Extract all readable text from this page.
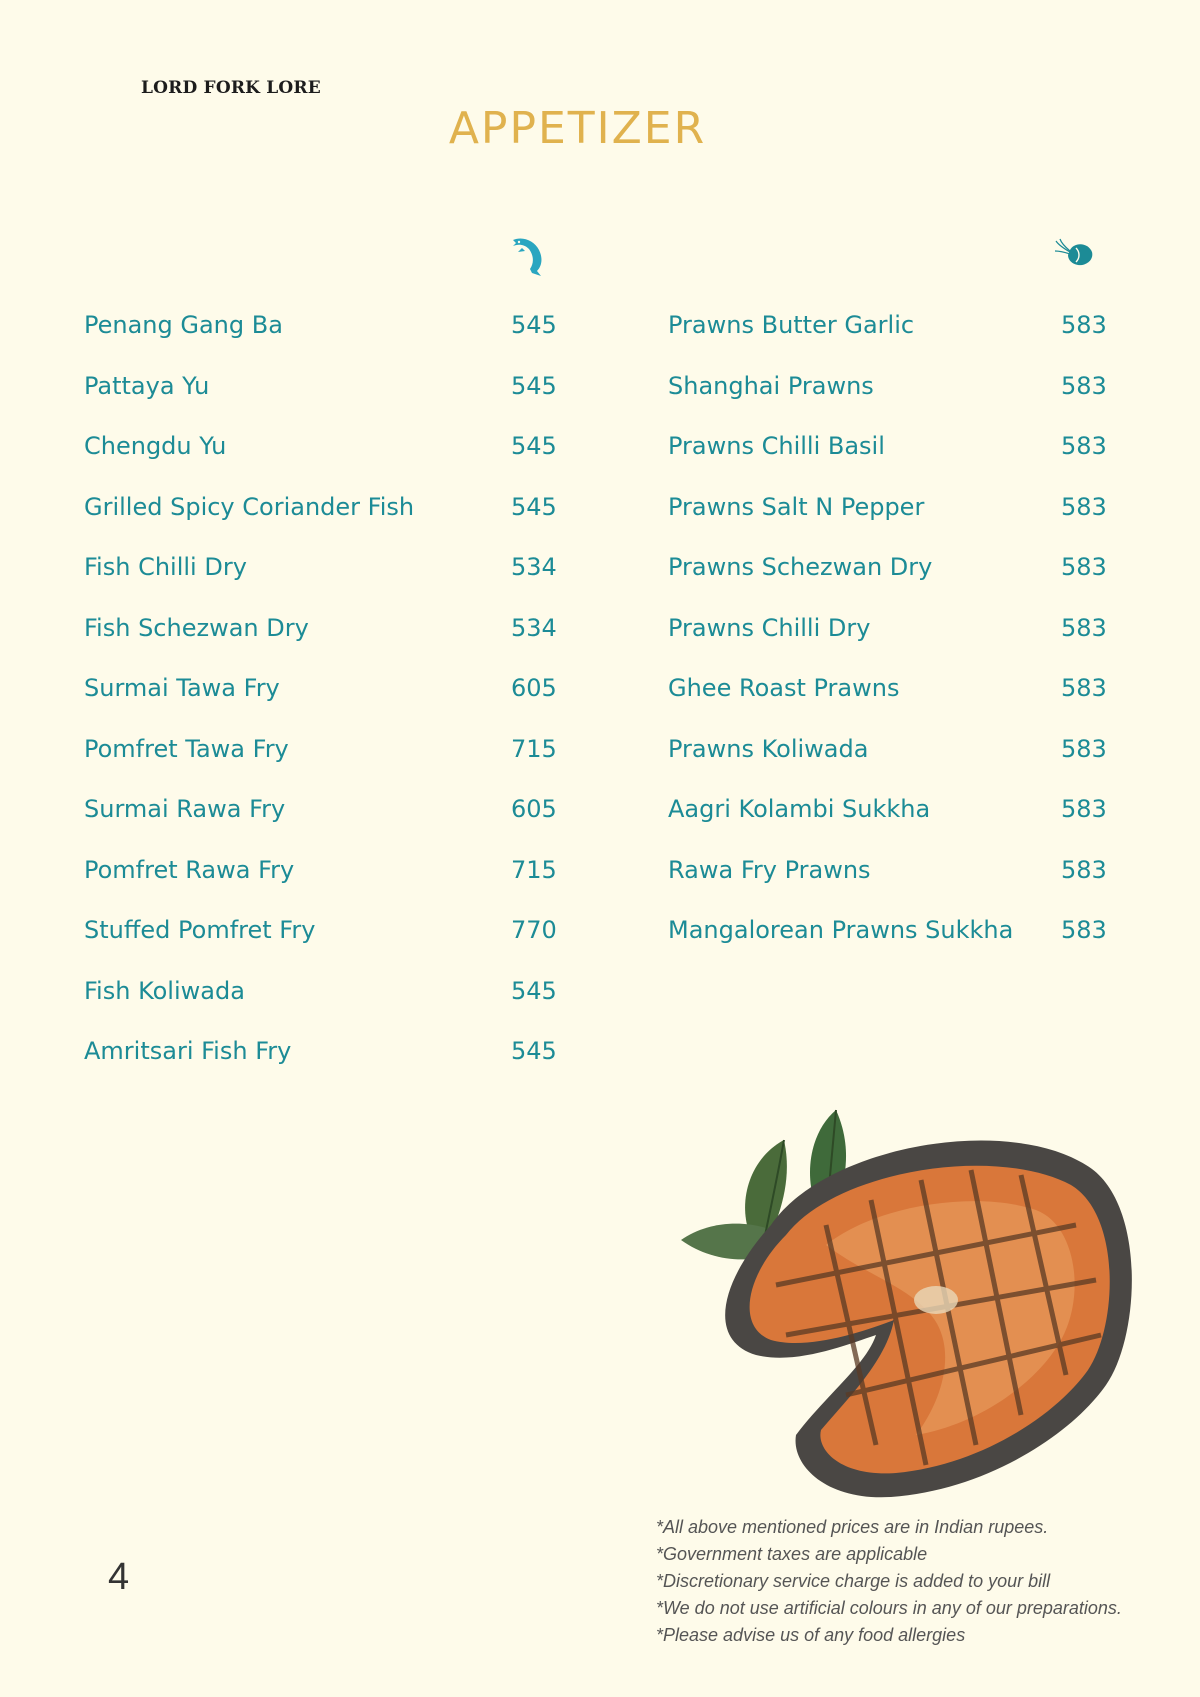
LORD FORK LORE
APPETIZER
Penang Gang Ba	545
Pattaya Yu	545
Chengdu Yu	545
Grilled Spicy Coriander Fish	545
Fish Chilli Dry	534
Fish Schezwan Dry	534
Surmai Tawa Fry	605
Pomfret Tawa Fry	715
Surmai Rawa Fry	605
Pomfret Rawa Fry	715
Stuffed Pomfret Fry	770
Fish Koliwada	545
Amritsari Fish Fry	545
Prawns Butter Garlic	583
Shanghai Prawns	583
Prawns Chilli Basil	583
Prawns Salt N Pepper	583
Prawns Schezwan Dry	583
Prawns Chilli Dry	583
Ghee Roast Prawns	583
Prawns Koliwada	583
Aagri Kolambi Sukkha	583
Rawa Fry Prawns	583
Mangalorean Prawns Sukkha 583
*All above mentioned prices are in Indian rupees.
*Government taxes are applicable
*Discretionary service charge is added to your bill
*We do not use artificial colours in any of our preparations.
*Please advise us of any food allergies
4
